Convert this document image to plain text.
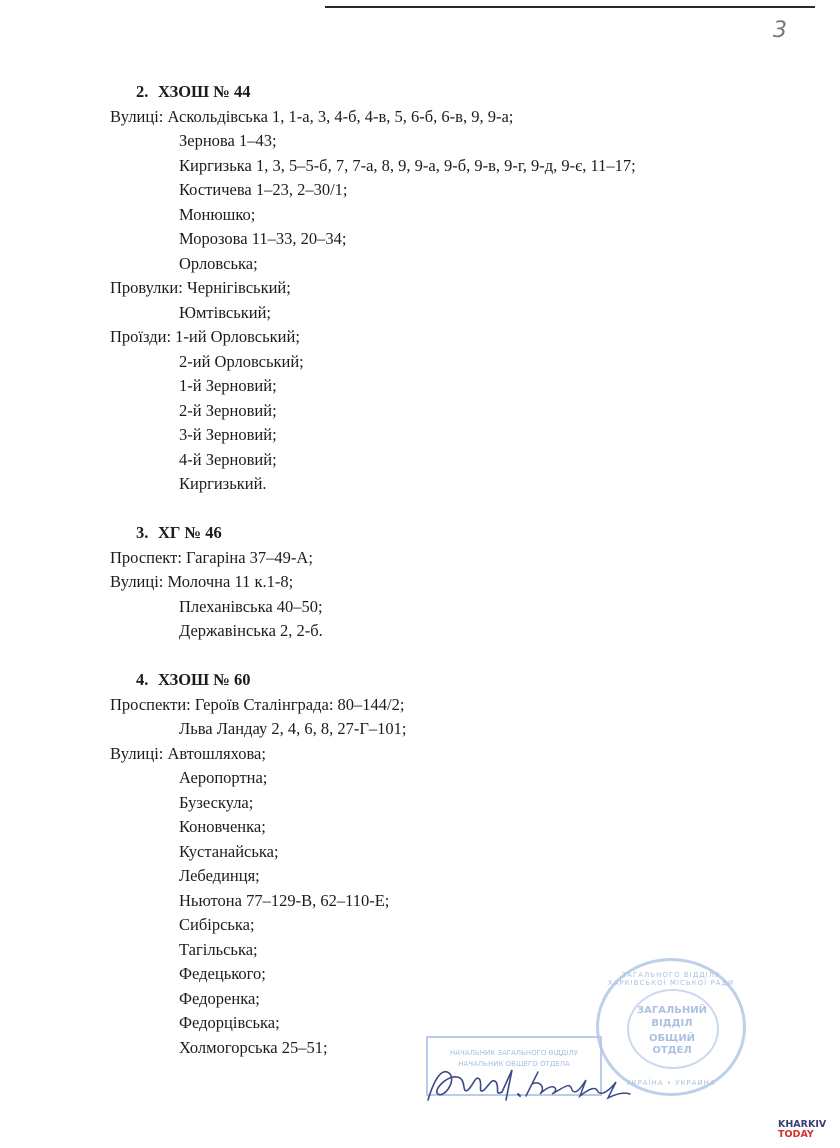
3
2. ХЗОШ № 44
Вулиці: Аскольдівська 1, 1-а, 3, 4-б, 4-в, 5, 6-б, 6-в, 9, 9-а;
Зернова 1–43;
Киргизька 1, 3, 5–5-б, 7, 7-а, 8, 9, 9-а, 9-б, 9-в, 9-г, 9-д, 9-є, 11–17;
Костичева 1–23, 2–30/1;
Монюшко;
Морозова 11–33, 20–34;
Орловська;
Провулки: Чернігівський;
Юмтівський;
Проїзди: 1-ий Орловський;
2-ий Орловський;
1-й Зерновий;
2-й Зерновий;
3-й Зерновий;
4-й Зерновий;
Киргизький.
3. ХГ № 46
Проспект: Гагаріна 37–49-А;
Вулиці: Молочна 11 к.1-8;
Плеханівська 40–50;
Державінська 2, 2-б.
4. ХЗОШ № 60
Проспекти: Героїв Сталінграда: 80–144/2;
Льва Ландау 2, 4, 6, 8, 27-Г–101;
Вулиці: Автошляхова;
Аеропортна;
Бузескула;
Коновченка;
Кустанайська;
Лебединця;
Ньютона 77–129-В, 62–110-Е;
Сибірська;
Тагільська;
Федецького;
Федоренка;
Федорцівська;
Холмогорська 25–51;
ЗАГАЛЬНОГО ВІДДІЛУ ХАРКІВСЬКОЇ МІСЬКОЇ РАДИ
ЗАГАЛЬНИЙ
ВІДДІЛ
ОБЩИЙ
ОТДЕЛ
УКРАЇНА • УКРАИНА
НАЧАЛЬНИК ЗАГАЛЬНОГО ВІДДІЛУ
НАЧАЛЬНИК ОБЩЕГО ОТДЕЛА
KHARKIV
TODAY
